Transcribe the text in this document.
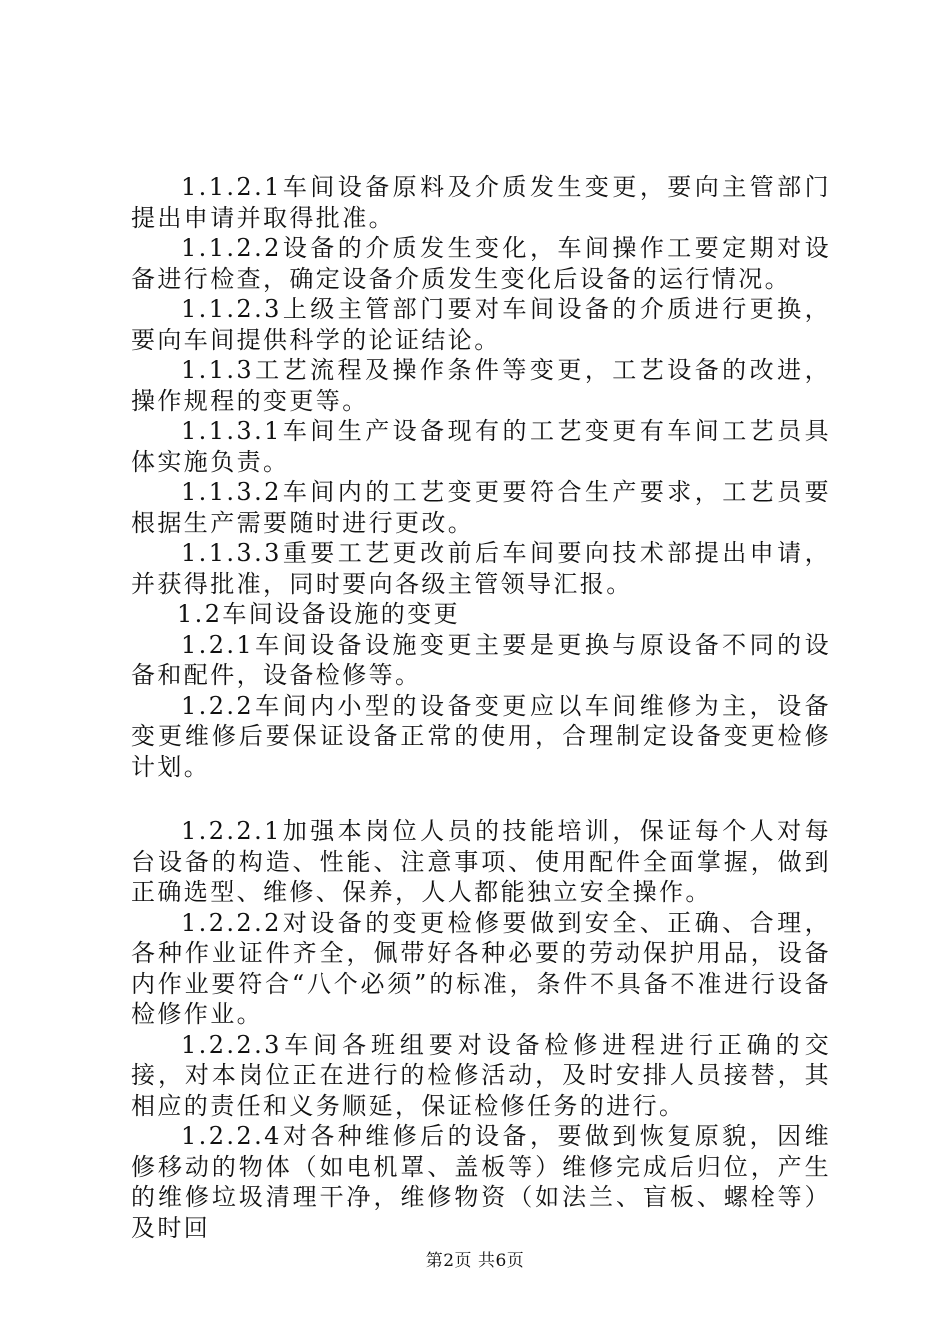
1.1.2.1车间设备原料及介质发生变更，要向主管部门提出申请并取得批准。

1.1.2.2设备的介质发生变化，车间操作工要定期对设备进行检查，确定设备介质发生变化后设备的运行情况。

1.1.2.3上级主管部门要对车间设备的介质进行更换，要向车间提供科学的论证结论。

1.1.3工艺流程及操作条件等变更，工艺设备的改进，操作规程的变更等。

1.1.3.1车间生产设备现有的工艺变更有车间工艺员具体实施负责。

1.1.3.2车间内的工艺变更要符合生产要求，工艺员要根据生产需要随时进行更改。

1.1.3.3重要工艺更改前后车间要向技术部提出申请，并获得批准，同时要向各级主管领导汇报。

1.2车间设备设施的变更

1.2.1车间设备设施变更主要是更换与原设备不同的设备和配件，设备检修等。

1.2.2车间内小型的设备变更应以车间维修为主，设备变更维修后要保证设备正常的使用，合理制定设备变更检修计划。

1.2.2.1加强本岗位人员的技能培训，保证每个人对每台设备的构造、性能、注意事项、使用配件全面掌握，做到正确选型、维修、保养，人人都能独立安全操作。

1.2.2.2对设备的变更检修要做到安全、正确、合理，各种作业证件齐全，佩带好各种必要的劳动保护用品，设备内作业要符合“八个必须”的标准，条件不具备不准进行设备检修作业。

1.2.2.3车间各班组要对设备检修进程进行正确的交接，对本岗位正在进行的检修活动，及时安排人员接替，其相应的责任和义务顺延，保证检修任务的进行。

1.2.2.4对各种维修后的设备，要做到恢复原貌，因维修移动的物体（如电机罩、盖板等）维修完成后归位，产生的维修垃圾清理干净，维修物资（如法兰、盲板、螺栓等）及时回

第2页 共6页
